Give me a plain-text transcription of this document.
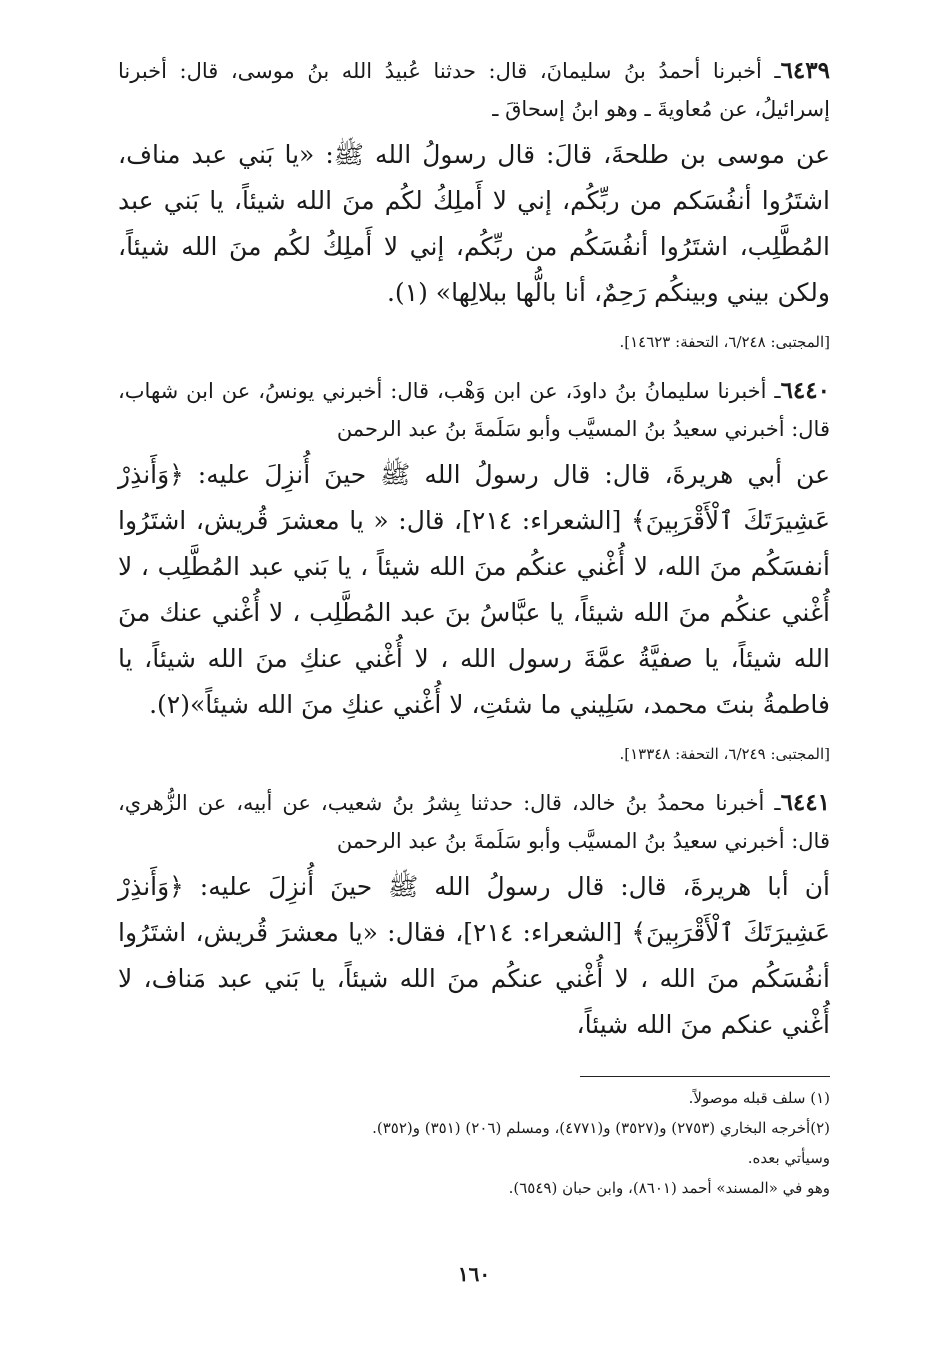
٦٤٣٩ـ أخبرنا أحمدُ بنُ سليمانَ، قال: حدثنا عُبيدُ الله بنُ موسى، قال: أخبرنا إسرائيلُ، عن مُعاويةَ ـ وهو ابنُ إسحاقَ ـ

عن موسى بن طلحةَ، قالَ: قال رسولُ الله ﷺ: «يا بَني عبد مناف، اشتَرُوا أنفُسَكم من ربِّكُم، إني لا أَملِكُ لكُم منَ الله شيئاً، يا بَني عبد المُطَّلِب، اشتَرُوا أنفُسَكُم من ربِّكُم، إني لا أَملِكُ لكُم منَ الله شيئاً، ولكن بيني وبينكُم رَحِمٌ، أنا بالُّها ببلالِها» (١).

[المجتبى: ٦/٢٤٨، التحفة: ١٤٦٢٣].

٦٤٤٠ـ أخبرنا سليمانُ بنُ داودَ، عن ابن وَهْب، قال: أخبرني يونسُ، عن ابن شهاب، قال: أخبرني سعيدُ بنُ المسيَّب وأبو سَلَمةَ بنُ عبد الرحمن

عن أبي هريرةَ، قال: قال رسولُ الله ﷺ حينَ أُنزِلَ عليه: ﴿وَأَنذِرْ عَشِيرَتَكَ ٱلْأَقْرَبِينَ﴾ [الشعراء: ٢١٤]، قال: « يا معشرَ قُريش، اشتَرُوا أنفسَكُم منَ الله، لا أُغْني عنكُم منَ الله شيئاً ، يا بَني عبد المُطَّلِب ، لا أُغْني عنكُم منَ الله شيئاً، يا عبَّاسُ بنَ عبد المُطَّلِب ، لا أُغْني عنك منَ الله شيئاً، يا صفيَّةُ عمَّةَ رسول الله ، لا أُغْني عنكِ منَ الله شيئاً، يا فاطمةُ بنتَ محمد، سَلِيني ما شئتِ، لا أُغْني عنكِ منَ الله شيئاً»(٢).

[المجتبى: ٦/٢٤٩، التحفة: ١٣٣٤٨].

٦٤٤١ـ أخبرنا محمدُ بنُ خالد، قال: حدثنا بِشرُ بنُ شعيب، عن أبيه، عن الزُّهري، قال: أخبرني سعيدُ بنُ المسيَّب وأبو سَلَمةَ بنُ عبد الرحمن

أن أبا هريرةَ، قال: قال رسولُ الله ﷺ حينَ أُنزِلَ عليه: ﴿وَأَنذِرْ عَشِيرَتَكَ ٱلْأَقْرَبِينَ﴾ [الشعراء: ٢١٤]، فقال: «يا معشرَ قُريش، اشتَرُوا أنفُسَكُم منَ الله ، لا أُغْني عنكُم منَ الله شيئاً، يا بَني عبد مَناف، لا أُغْني عنكم منَ الله شيئاً،

(١) سلف قبله موصولاً.

(٢)أخرجه البخاري (٢٧٥٣) و(٣٥٢٧) و(٤٧٧١)، ومسلم (٢٠٦) (٣٥١) و(٣٥٢).

وسيأتي بعده.

وهو في «المسند» أحمد (٨٦٠١)، وابن حبان (٦٥٤٩).

١٦٠
